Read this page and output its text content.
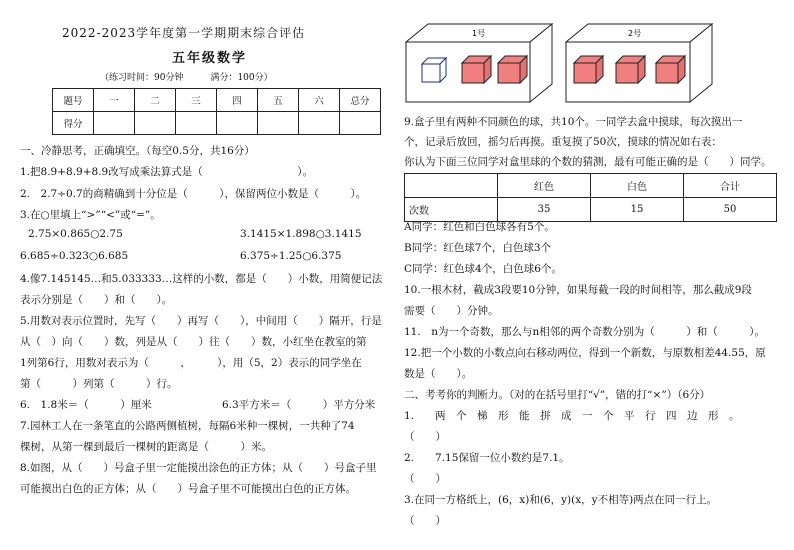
2022-2023学年度第一学期期末综合评估
五年级数学
（练习时间：90分钟　　　满分：100分）
题号	一	二	三	四	五	六	总分
得分							
一、冷静思考，正确填空。（每空0.5分，共16分）
1.把8.9+8.9+8.9改写成乘法算式是（　　　　　　　　　）。
2.　2.7÷0.7的商精确到十分位是（　　　），保留两位小数是（　　　）。
3.在○里填上“>”“<”或“=”。
2.75×0.865○2.75	3.1415×1.898○3.1415
6.685÷0.323○6.685	6.375÷1.25○6.375
4.像7.145145…和5.033333…这样的小数，都是（　　）小数，用简便记法
表示分别是（　　）和（　　）。
5.用数对表示位置时，先写（　　）再写（　　），中间用（　　）隔开，行是
从（　）向（　　）数，列是从（　　）往（　　）数，小红坐在教室的第
1列第6行，用数对表示为（　　　，　　　），用（5，2）表示的同学坐在
第（　　　）列第（　　　）行。
6.　1.8米＝（　　　）厘米	6.3平方米＝（　　　）平方分米
7.园林工人在一条笔直的公路两侧植树，每隔6米种一棵树，一共种了74
棵树，从第一棵到最后一棵树的距离是（　　　）米。
8.如图，从（　　）号盒子里一定能摸出涂色的正方体；从（　　）号盒子里
可能摸出白色的正方体；从（　　）号盒子里不可能摸出白色的正方体。
1号	2号
9.盒子里有两种不同颜色的球，共10个。一同学去盒中摸球，每次摸出一
个，记录后放回，摇匀后再摸。重复摸了50次，摸球的情况如右表：
你认为下面三位同学对盒里球的个数的猜测，最有可能正确的是（　　）同学。
	红色	白色	合计
次数	35	15	50
A同学：红色和白色球各有5个。
B同学：红色球7个，白色球3个
C同学：红色球4个，白色球6个。
10.一根木材，截成3段要10分钟，如果每截一段的时间相等，那么截成9段
需要（　　）分钟。
11.　n为一个奇数，那么与n相邻的两个奇数分别为（　　　）和（　　　）。
12.把一个小数的小数点向右移动两位，得到一个新数，与原数相差44.55，原
数是（　　）。
二、考考你的判断力。（对的在括号里打“√”，错的打“×”）（6分）
1.　　两　个　梯　形　能　拼　成　一　个　平　行　四　边　形　。
（　　）
2.　　7.15保留一位小数约是7.1。
（　　）
3.在同一方格纸上，(6，x)和(6，y)(x，y不相等)两点在同一行上。
（　　）
